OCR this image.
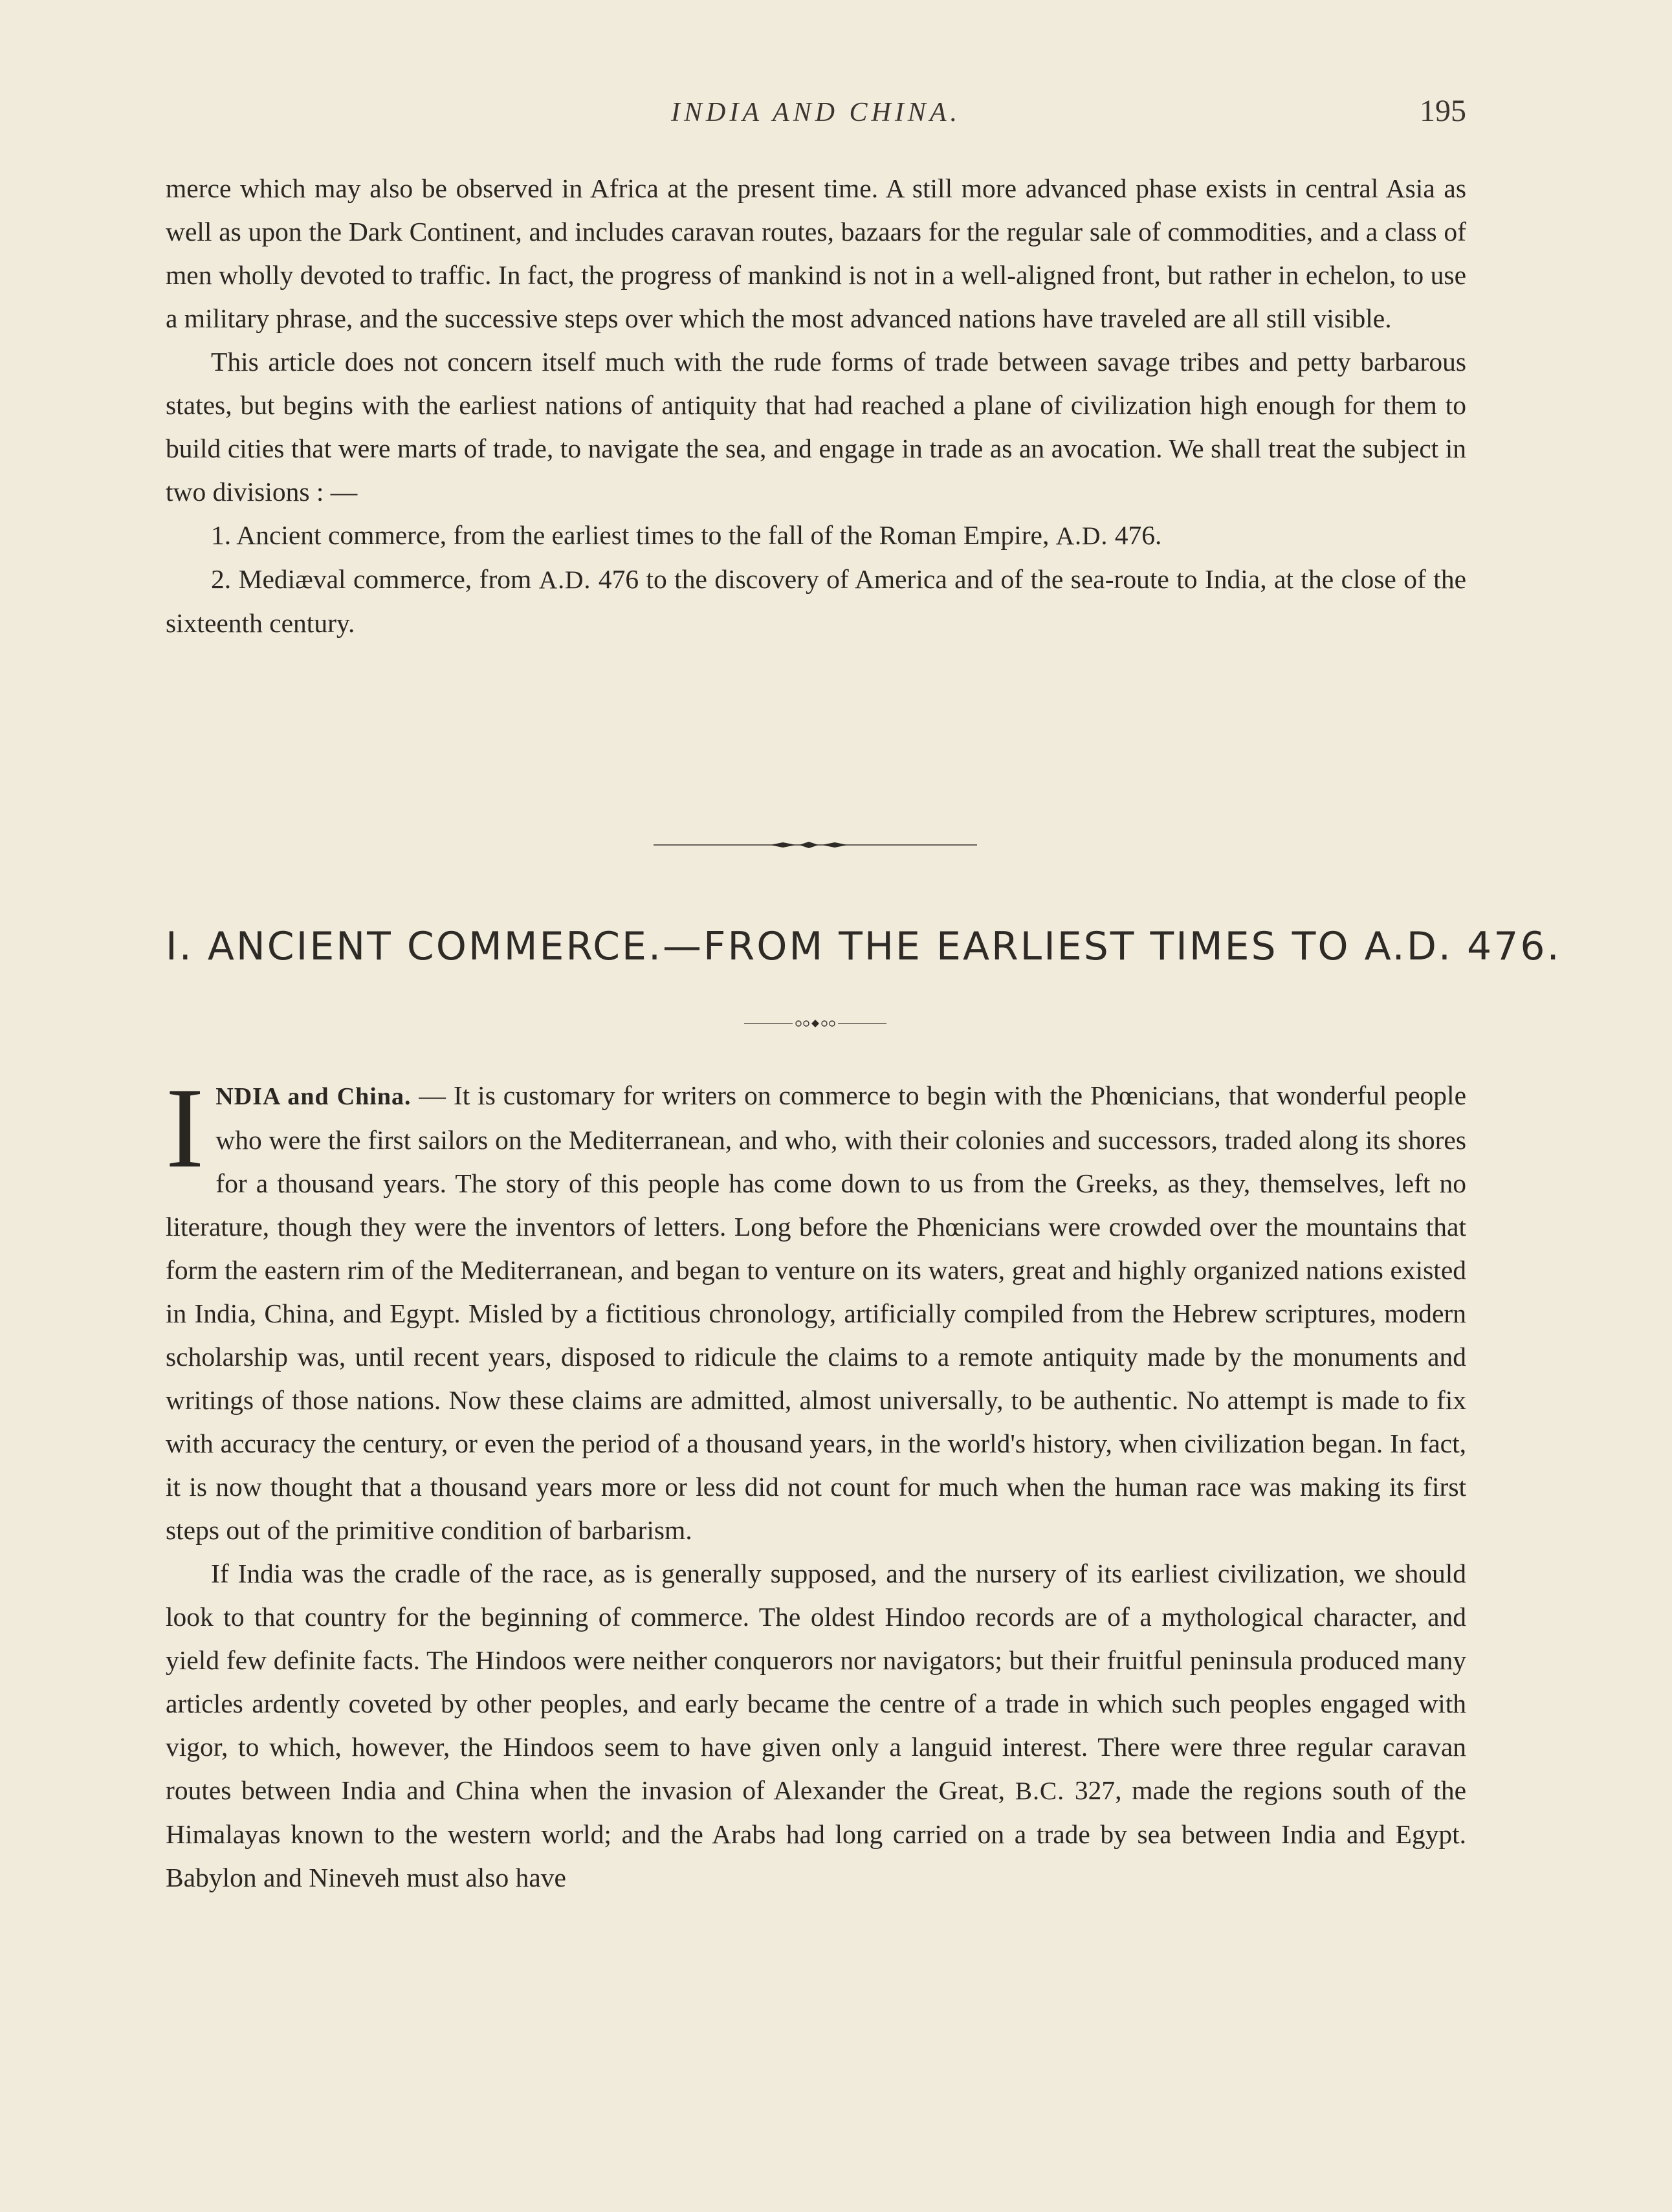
INDIA AND CHINA.	195

merce which may also be observed in Africa at the present time. A still more advanced phase exists in central Asia as well as upon the Dark Continent, and includes caravan routes, bazaars for the regular sale of commodities, and a class of men wholly devoted to traffic. In fact, the progress of mankind is not in a well-aligned front, but rather in echelon, to use a military phrase, and the successive steps over which the most advanced nations have traveled are all still visible.

This article does not concern itself much with the rude forms of trade between savage tribes and petty barbarous states, but begins with the earliest nations of antiquity that had reached a plane of civilization high enough for them to build cities that were marts of trade, to navigate the sea, and engage in trade as an avocation. We shall treat the subject in two divisions : —

1. Ancient commerce, from the earliest times to the fall of the Roman Empire, A.D. 476.

2. Mediæval commerce, from A.D. 476 to the discovery of America and of the sea-route to India, at the close of the sixteenth century.

I. ANCIENT COMMERCE.—FROM THE EARLIEST TIMES TO A.D. 476.

INDIA and China. — It is customary for writers on commerce to begin with the Phœnicians, that wonderful people who were the first sailors on the Mediterranean, and who, with their colonies and successors, traded along its shores for a thousand years. The story of this people has come down to us from the Greeks, as they, themselves, left no literature, though they were the inventors of letters. Long before the Phœnicians were crowded over the mountains that form the eastern rim of the Mediterranean, and began to venture on its waters, great and highly organized nations existed in India, China, and Egypt. Misled by a fictitious chronology, artificially compiled from the Hebrew scriptures, modern scholarship was, until recent years, disposed to ridicule the claims to a remote antiquity made by the monuments and writings of those nations. Now these claims are admitted, almost universally, to be authentic. No attempt is made to fix with accuracy the century, or even the period of a thousand years, in the world's history, when civilization began. In fact, it is now thought that a thousand years more or less did not count for much when the human race was making its first steps out of the primitive condition of barbarism.

If India was the cradle of the race, as is generally supposed, and the nursery of its earliest civilization, we should look to that country for the beginning of commerce. The oldest Hindoo records are of a mythological character, and yield few definite facts. The Hindoos were neither conquerors nor navigators; but their fruitful peninsula produced many articles ardently coveted by other peoples, and early became the centre of a trade in which such peoples engaged with vigor, to which, however, the Hindoos seem to have given only a languid interest. There were three regular caravan routes between India and China when the invasion of Alexander the Great, B.C. 327, made the regions south of the Himalayas known to the western world; and the Arabs had long carried on a trade by sea between India and Egypt. Babylon and Nineveh must also have
